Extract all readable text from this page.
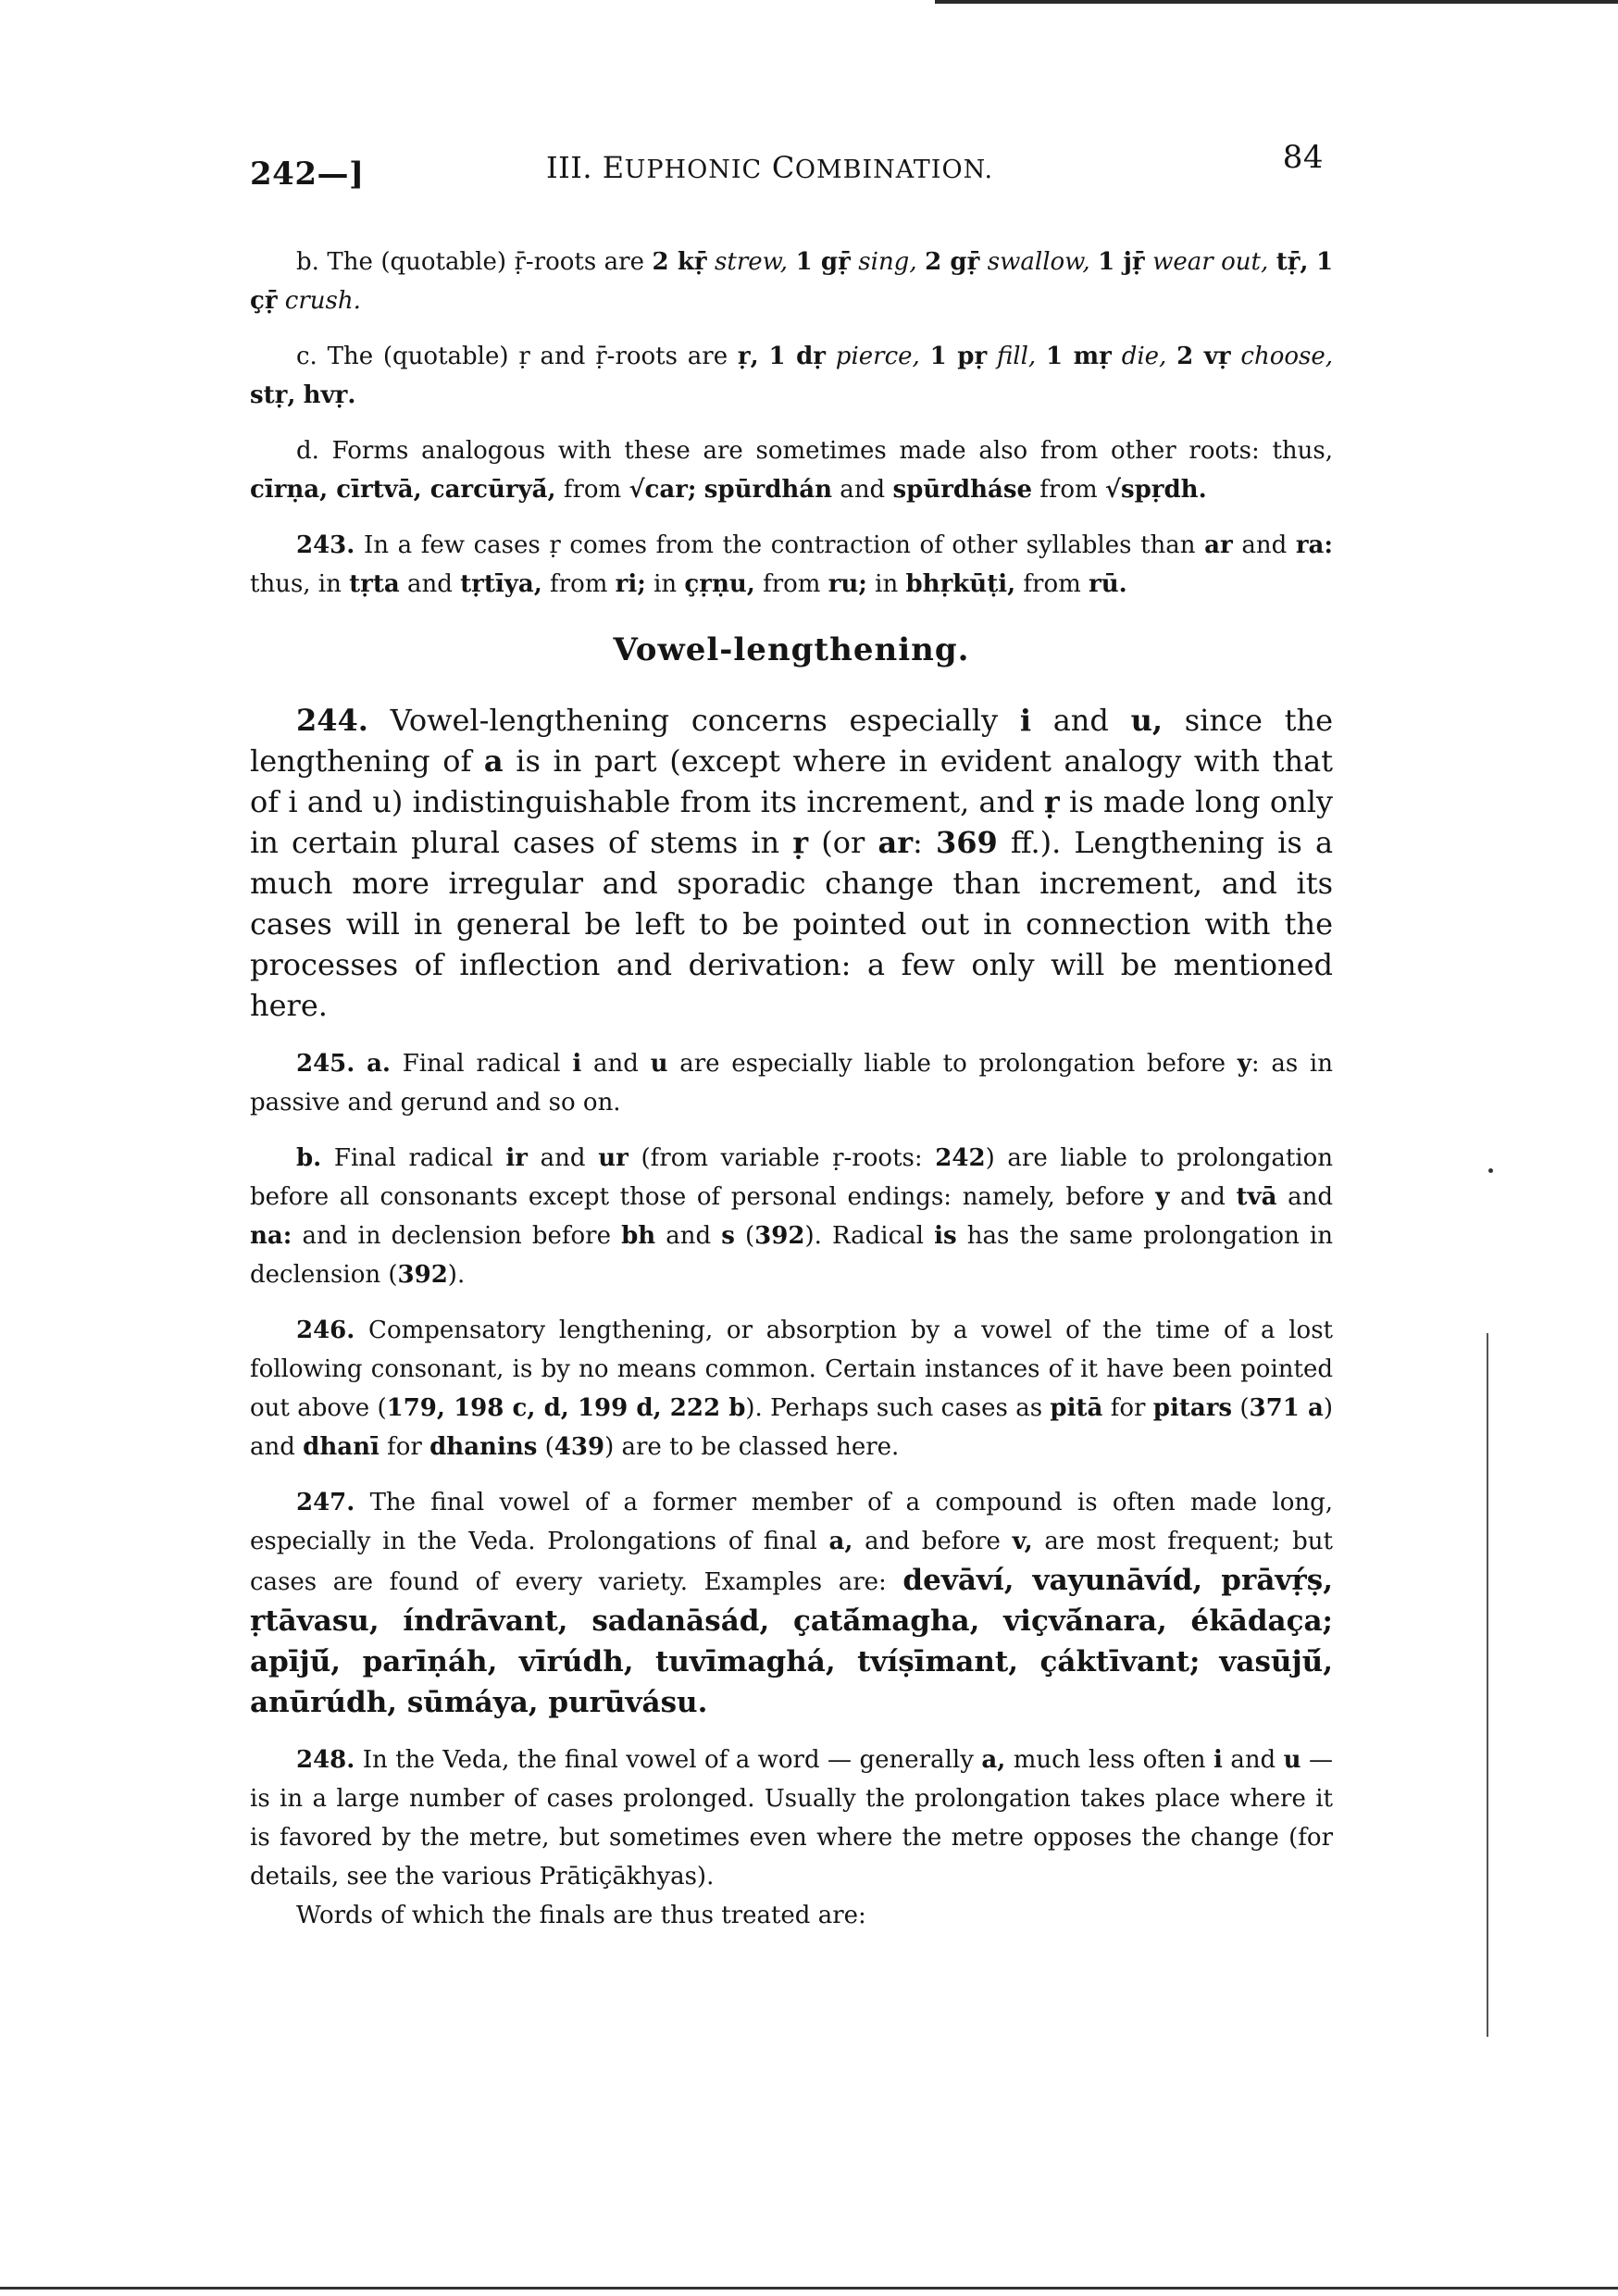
242—]	III. EUPHONIC COMBINATION.	84

b. The (quotable) ṝ-roots are 2 kṝ strew, 1 gṝ sing, 2 gṝ swallow, 1 jṝ wear out, tṝ, 1 çṝ crush.

c. The (quotable) ṛ and ṝ-roots are ṛ, 1 dṛ pierce, 1 pṛ fill, 1 mṛ die, 2 vṛ choose, stṛ, hvṛ.

d. Forms analogous with these are sometimes made also from other roots: thus, cīrṇa, cīrtvā, carcūryā́, from √car; spūrdhán and spūrdháse from √spṛdh.

243. In a few cases ṛ comes from the contraction of other syllables than ar and ra: thus, in tṛta and tṛtīya, from ri; in çṛṇu, from ru; in bhṛkūṭi, from rū.

Vowel-lengthening.

244. Vowel-lengthening concerns especially i and u, since the lengthening of a is in part (except where in evident analogy with that of i and u) indistinguishable from its increment, and ṛ is made long only in certain plural cases of stems in ṛ (or ar: 369 ff.). Lengthening is a much more irregular and sporadic change than increment, and its cases will in general be left to be pointed out in connection with the processes of inflection and derivation: a few only will be mentioned here.

245. a. Final radical i and u are especially liable to prolongation before y: as in passive and gerund and so on.

b. Final radical ir and ur (from variable ṛ-roots: 242) are liable to prolongation before all consonants except those of personal endings: namely, before y and tvā and na: and in declension before bh and s (392). Radical is has the same prolongation in declension (392).

246. Compensatory lengthening, or absorption by a vowel of the time of a lost following consonant, is by no means common. Certain instances of it have been pointed out above (179, 198 c, d, 199 d, 222 b). Perhaps such cases as pitā for pitars (371 a) and dhanī for dhanins (439) are to be classed here.

247. The final vowel of a former member of a compound is often made long, especially in the Veda. Prolongations of final a, and before v, are most frequent; but cases are found of every variety. Examples are: devāví, vayunāvíd, prāvṛ́ṣ, ṛtāvasu, índrāvant, sadanāsád, çatā́magha, viçvā́nara, ékādaça; apījū́, parīṇáh, vīrúdh, tuvīmaghá, tvíṣīmant, çáktīvant; vasūjū́, anūrúdh, sūmáya, purūvásu.

248. In the Veda, the final vowel of a word — generally a, much less often i and u — is in a large number of cases prolonged. Usually the prolongation takes place where it is favored by the metre, but sometimes even where the metre opposes the change (for details, see the various Prātiçākhyas).

Words of which the finals are thus treated are:
